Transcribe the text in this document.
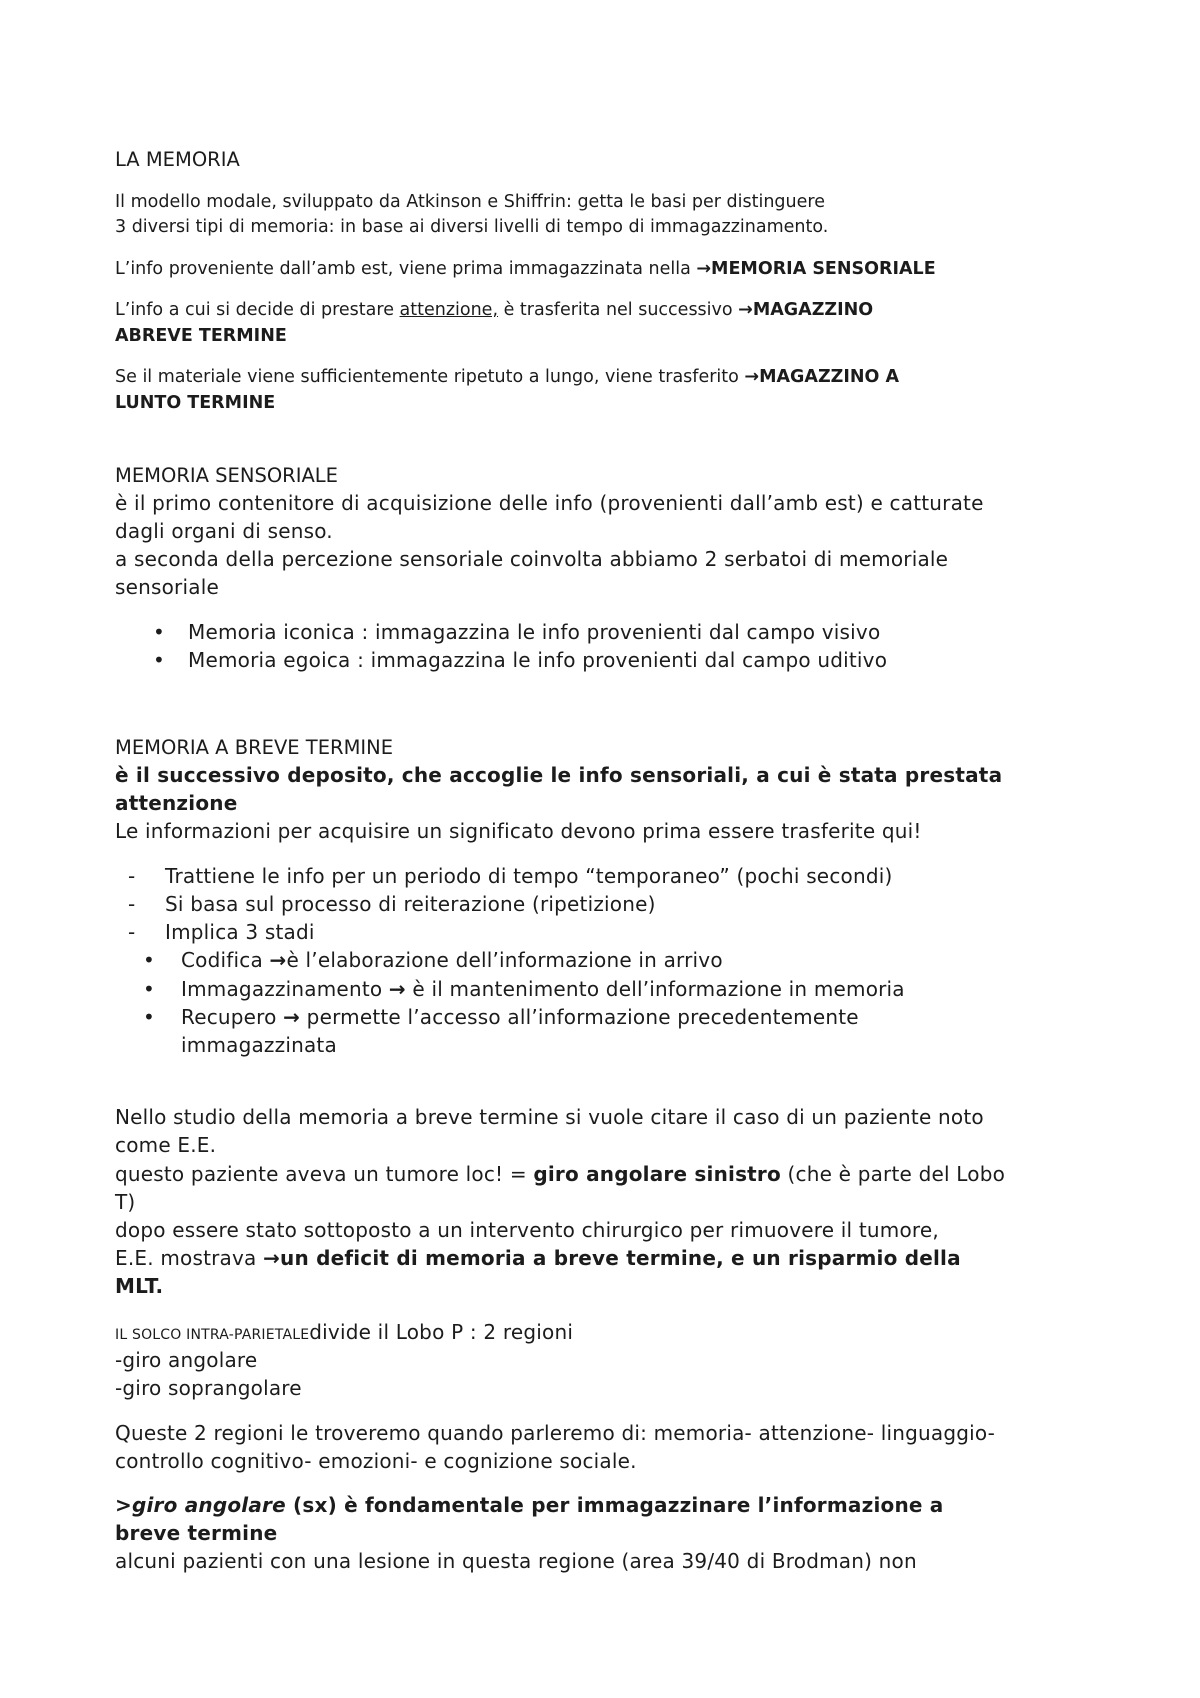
LA MEMORIA
Il modello modale, sviluppato da Atkinson e Shiffrin: getta le basi per distinguere
3 diversi tipi di memoria: in base ai diversi livelli di tempo di immagazzinamento.
L’info proveniente dall’amb est, viene prima immagazzinata nella →MEMORIA SENSORIALE
L’info a cui si decide di prestare attenzione, è trasferita nel successivo →MAGAZZINO
ABREVE TERMINE
Se il materiale viene sufficientemente ripetuto a lungo, viene trasferito →MAGAZZINO A
LUNTO TERMINE
MEMORIA SENSORIALE
è il primo contenitore di acquisizione delle info (provenienti dall’amb est) e catturate
dagli organi di senso.
a seconda della percezione sensoriale coinvolta abbiamo 2 serbatoi di memoriale
sensoriale
• Memoria iconica : immagazzina le info provenienti dal campo visivo
• Memoria egoica : immagazzina le info provenienti dal campo uditivo
MEMORIA A BREVE TERMINE
è il successivo deposito, che accoglie le info sensoriali, a cui è stata prestata
attenzione
Le informazioni per acquisire un significato devono prima essere trasferite qui!
- Trattiene le info per un periodo di tempo “temporaneo” (pochi secondi)
- Si basa sul processo di reiterazione (ripetizione)
- Implica 3 stadi
• Codifica →è l’elaborazione dell’informazione in arrivo
• Immagazzinamento → è il mantenimento dell’informazione in memoria
• Recupero → permette l’accesso all’informazione precedentemente
immagazzinata
Nello studio della memoria a breve termine si vuole citare il caso di un paziente noto
come E.E.
questo paziente aveva un tumore loc! = giro angolare sinistro (che è parte del Lobo
T)
dopo essere stato sottoposto a un intervento chirurgico per rimuovere il tumore,
E.E. mostrava →un deficit di memoria a breve termine, e un risparmio della
MLT.
IL SOLCO INTRA-PARIETALEdivide il Lobo P : 2 regioni
-giro angolare
-giro soprangolare
Queste 2 regioni le troveremo quando parleremo di: memoria- attenzione- linguaggio-
controllo cognitivo- emozioni- e cognizione sociale.
>giro angolare (sx) è fondamentale per immagazzinare l’informazione a
breve termine
alcuni pazienti con una lesione in questa regione (area 39/40 di Brodman) non
